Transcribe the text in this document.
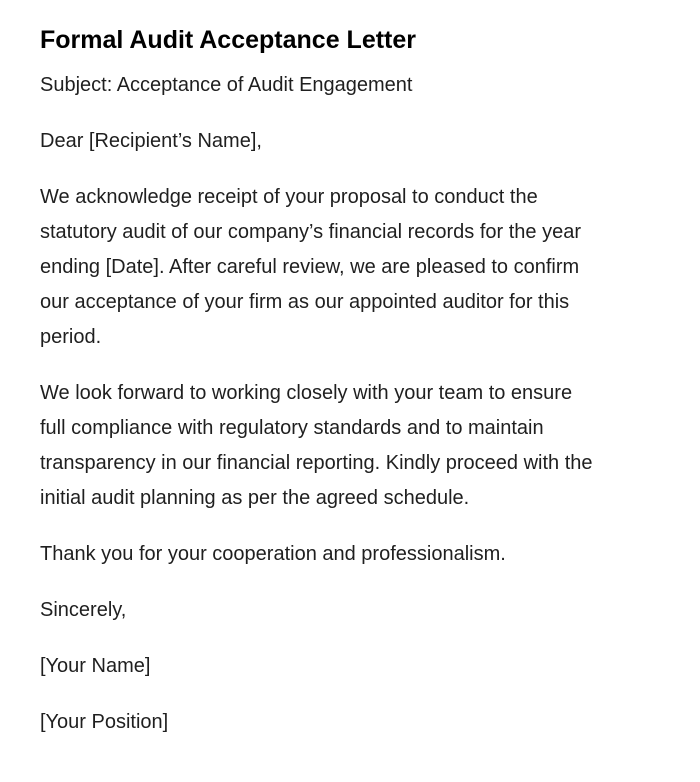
Formal Audit Acceptance Letter

Subject: Acceptance of Audit Engagement

Dear [Recipient’s Name],

We acknowledge receipt of your proposal to conduct the statutory audit of our company’s financial records for the year ending [Date]. After careful review, we are pleased to confirm our acceptance of your firm as our appointed auditor for this period.

We look forward to working closely with your team to ensure full compliance with regulatory standards and to maintain transparency in our financial reporting. Kindly proceed with the initial audit planning as per the agreed schedule.

Thank you for your cooperation and professionalism.

Sincerely,

[Your Name]

[Your Position]
